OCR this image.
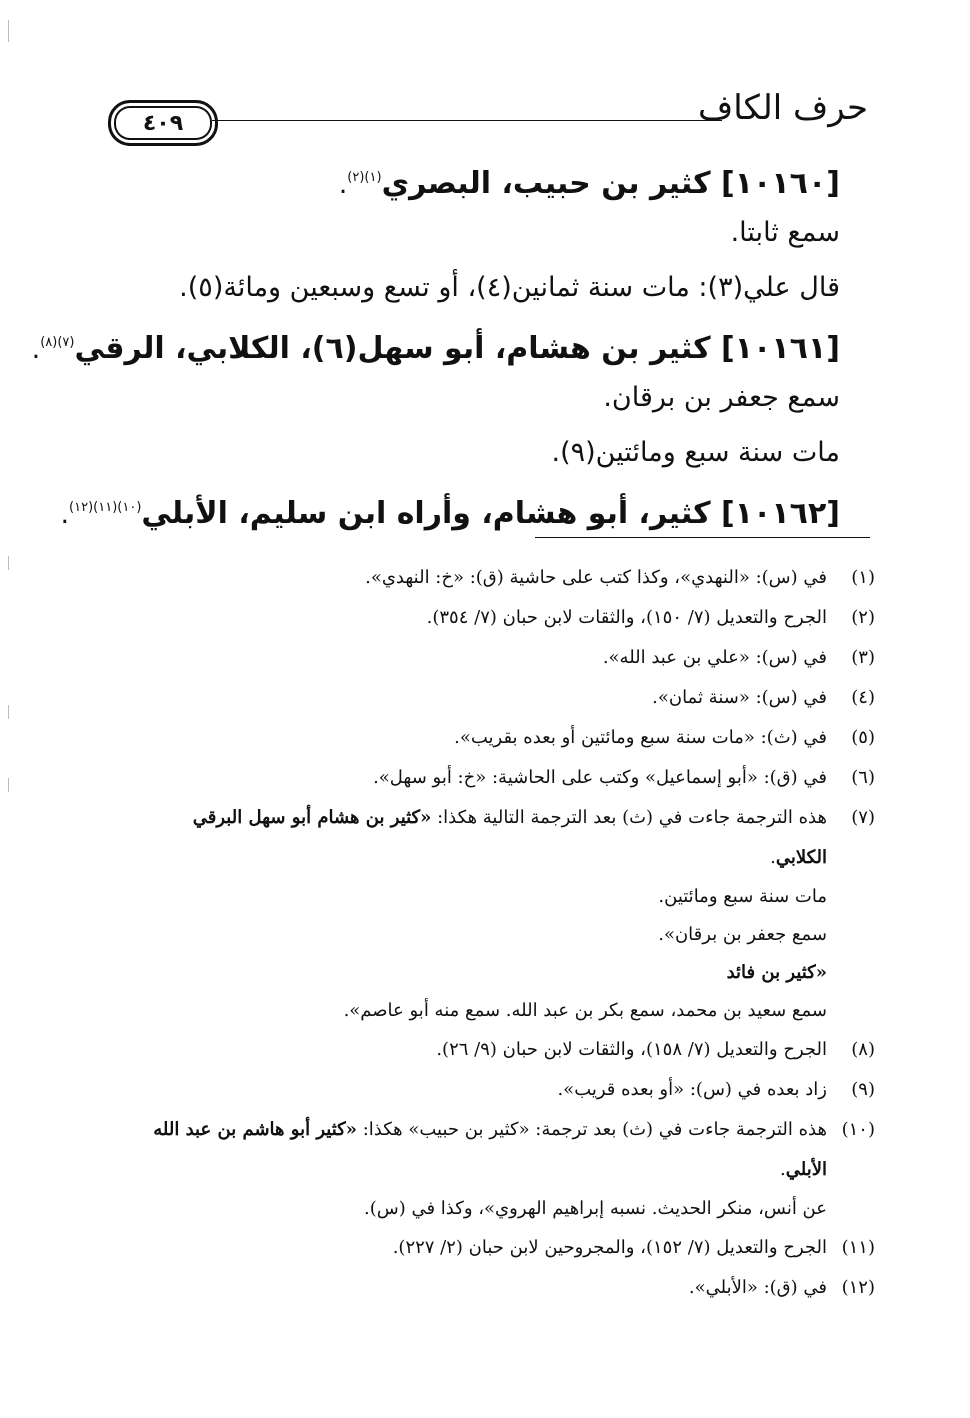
٤٠٩	حرف الكاف

[١٠١٦٠] كثير بن حبيب، البصري$^{(١)(٢)}$.

سمع ثابتا.

قال علي(٣): مات سنة ثمانين(٤)، أو تسع وسبعين ومائة(٥).

[١٠١٦١] كثير بن هشام، أبو سهل(٦)، الكلابي، الرقي$^{(٧)(٨)}$.

سمع جعفر بن برقان.

مات سنة سبع ومائتين(٩).

[١٠١٦٢] كثير، أبو هشام، وأراه ابن سليم، الأبلي$^{(١٠)(١١)(١٢)}$.

(١)
في (س): «النهدي»، وكذا كتب على حاشية (ق): «خ: النهدي».

(٢)
الجرح والتعديل (٧/ ١٥٠)، والثقات لابن حبان (٧/ ٣٥٤).

(٣)
في (س): «علي بن عبد الله».

(٤)
في (س): «سنة ثمان».

(٥)
في (ث): «مات سنة سبع ومائتين أو بعده بقريب».

(٦)
في (ق): «أبو إسماعيل» وكتب على الحاشية: «خ: أبو سهل».

(٧)
هذه الترجمة جاءت في (ث) بعد الترجمة التالية هكذا: «كثير بن هشام أبو سهل البرقي الكلابي.

مات سنة سبع ومائتين.

سمع جعفر بن برقان».

«كثير بن فائد

سمع سعيد بن محمد، سمع بكر بن عبد الله. سمع منه أبو عاصم».

(٨)
الجرح والتعديل (٧/ ١٥٨)، والثقات لابن حبان (٩/ ٢٦).

(٩)
زاد بعده في (س): «أو بعده قريب».

(١٠)
هذه الترجمة جاءت في (ث) بعد ترجمة: «كثير بن حبيب» هكذا: «كثير أبو هاشم بن عبد الله الأبلي.

عن أنس، منكر الحديث. نسبه إبراهيم الهروي»، وكذا في (س).

(١١)
الجرح والتعديل (٧/ ١٥٢)، والمجروحين لابن حبان (٢/ ٢٢٧).

(١٢)
في (ق): «الأبلي».
